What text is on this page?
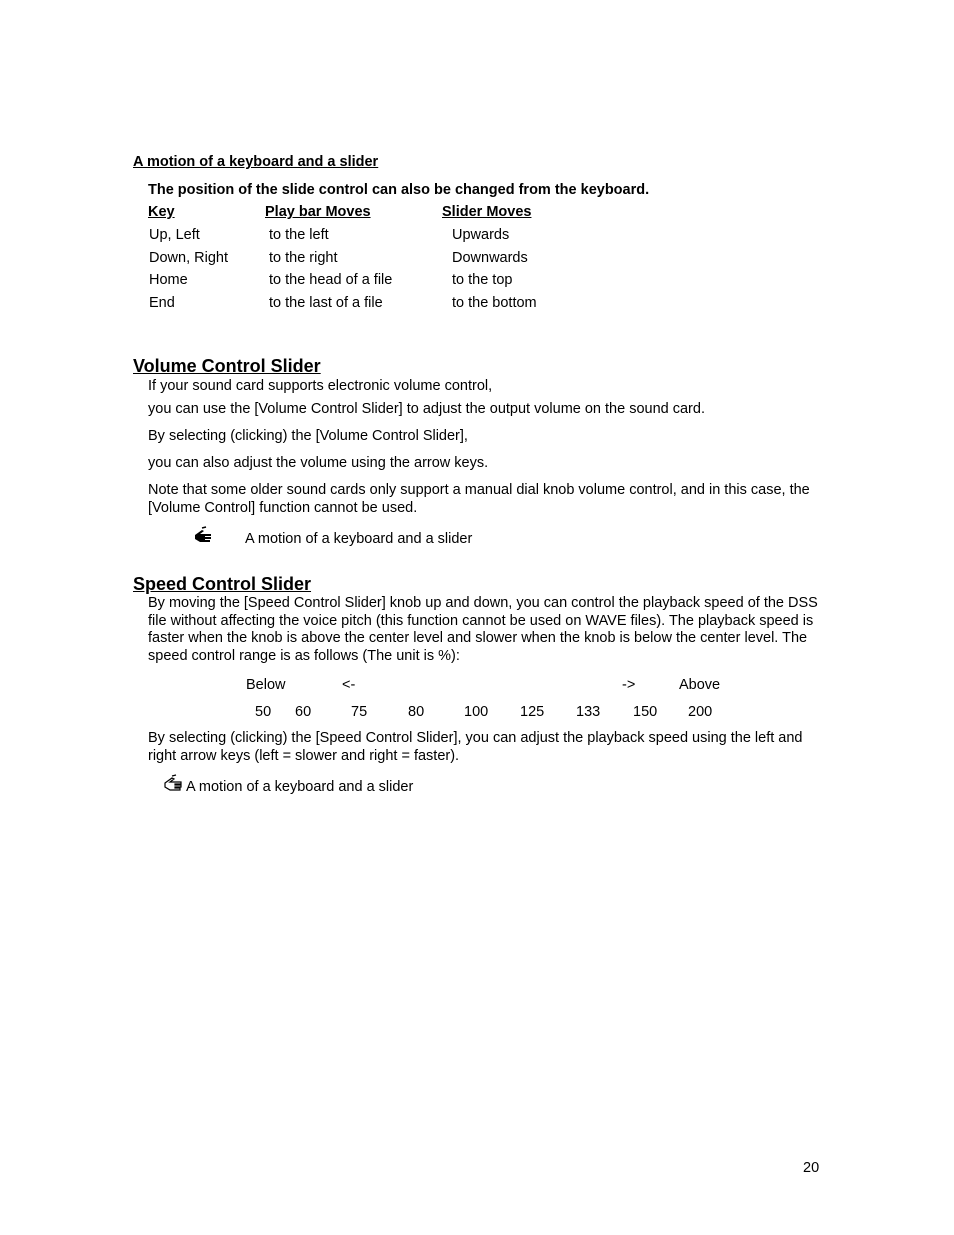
A motion of a keyboard and a slider
The position of the slide control can also be changed from the keyboard.
Key	Play bar Moves	Slider Moves
Up, Left	to the left	Upwards
Down, Right	to the right	Downwards
Home	to the head of a file	to the top
End	to the last of a file	to the bottom
Volume Control Slider
If your sound card supports electronic volume control,
you can use the [Volume Control Slider] to adjust the output volume on the sound card.
By selecting (clicking) the [Volume Control Slider],
you can also adjust the volume using the arrow keys.
Note that some older sound cards only support a manual dial knob volume control, and in this case, the [Volume Control] function cannot be used.
A motion of a keyboard and a slider
Speed Control Slider
By moving the [Speed Control Slider] knob up and down, you can control the playback speed of the DSS file without affecting the voice pitch (this function cannot be used on WAVE files). The playback speed is faster when the knob is above the center level and slower when the knob is below the center level. The speed control range is as follows (The unit is %):
Below	<-	->	Above
50 60	75	80	100 125 133 150 200
By selecting (clicking) the [Speed Control Slider], you can adjust the playback speed using the left and right arrow keys (left = slower and right = faster).
A motion of a keyboard and a slider
20
